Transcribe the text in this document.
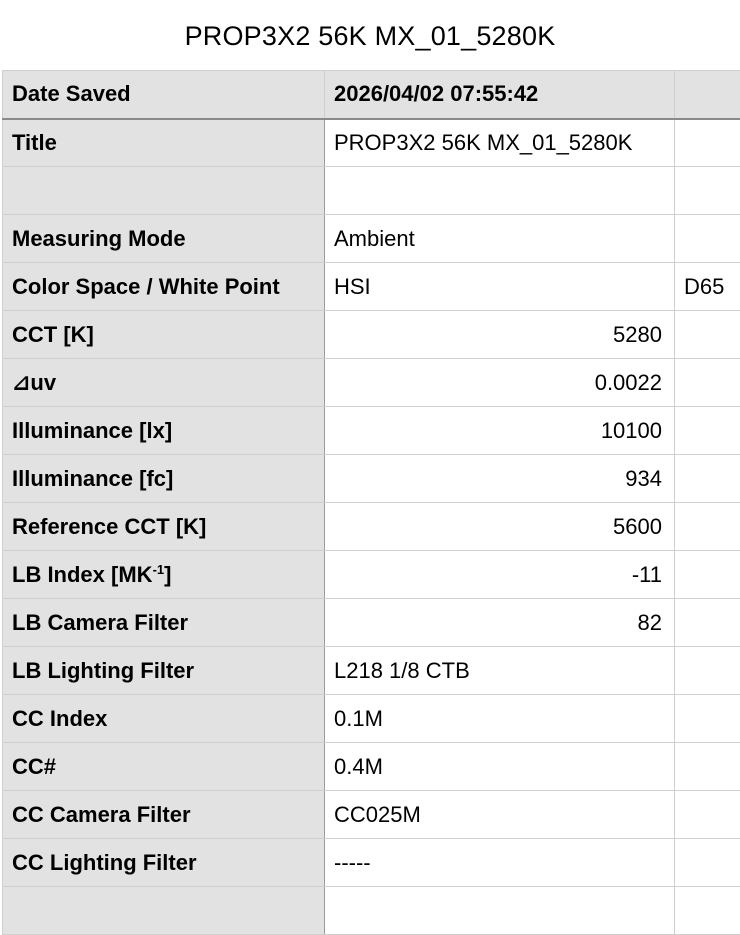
PROP3X2 56K MX_01_5280K
Date Saved	2026/04/02 07:55:42	
Title	PROP3X2 56K MX_01_5280K	

Measuring Mode	Ambient	
Color Space / White Point	HSI	D65
CCT [K]	5280	
⊿uv	0.0022	
Illuminance [lx]	10100	
Illuminance [fc]	934	
Reference CCT [K]	5600	
LB Index $[MK^{-1}]$	-11	
LB Camera Filter	82	
LB Lighting Filter	L218 1/8 CTB	
CC Index	0.1M	
CC#	0.4M	
CC Camera Filter	CC025M	
CC Lighting Filter	-----	
